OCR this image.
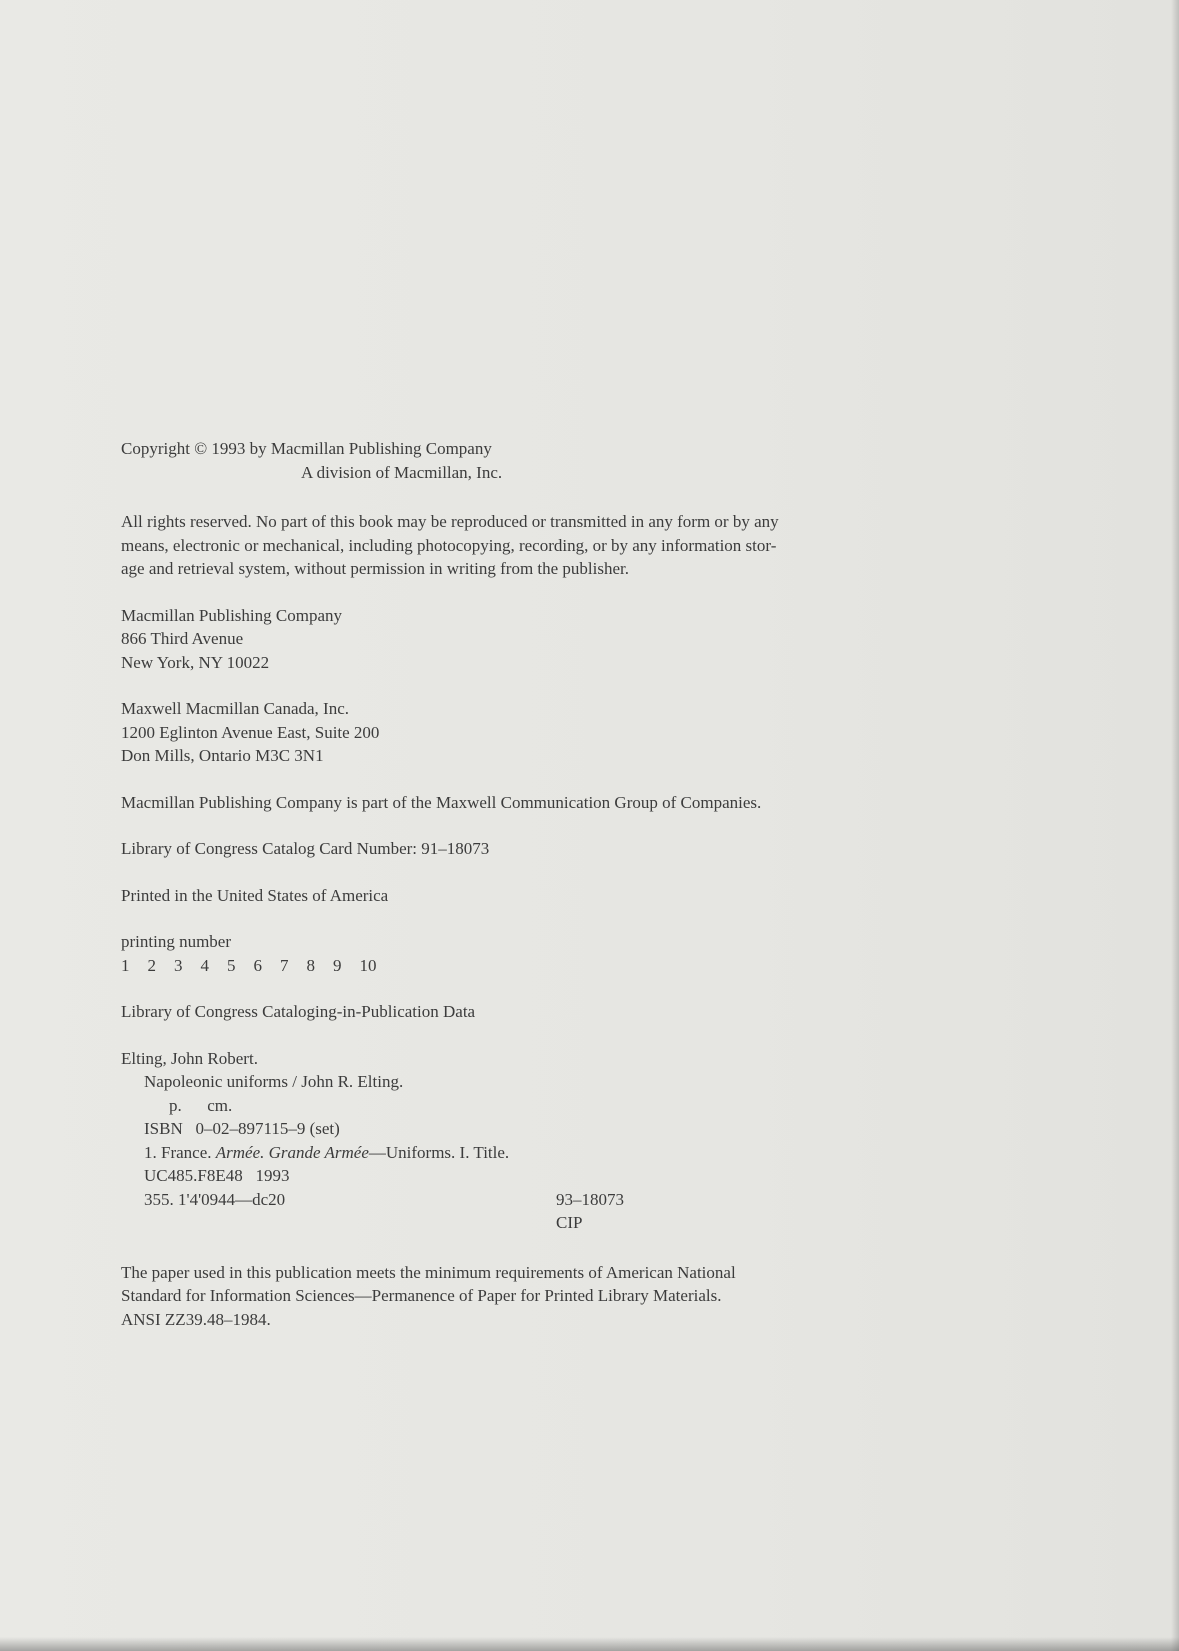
Copyright © 1993 by Macmillan Publishing Company
A division of Macmillan, Inc.
All rights reserved. No part of this book may be reproduced or transmitted in any form or by any
means, electronic or mechanical, including photocopying, recording, or by any information stor-
age and retrieval system, without permission in writing from the publisher.
Macmillan Publishing Company
866 Third Avenue
New York, NY 10022
Maxwell Macmillan Canada, Inc.
1200 Eglinton Avenue East, Suite 200
Don Mills, Ontario M3C 3N1
Macmillan Publishing Company is part of the Maxwell Communication Group of Companies.
Library of Congress Catalog Card Number: 91–18073
Printed in the United States of America
printing number
1 2 3 4 5 6 7 8 9 10
Library of Congress Cataloging-in-Publication Data
Elting, John Robert.
Napoleonic uniforms / John R. Elting.
p.      cm.
ISBN   0–02–897115–9 (set)
1. France. Armée. Grande Armée—Uniforms. I. Title.
UC485.F8E48   1993
355. 1'4'0944—dc20	93–18073
CIP
The paper used in this publication meets the minimum requirements of American National
Standard for Information Sciences—Permanence of Paper for Printed Library Materials.
ANSI ZZ39.48–1984.
